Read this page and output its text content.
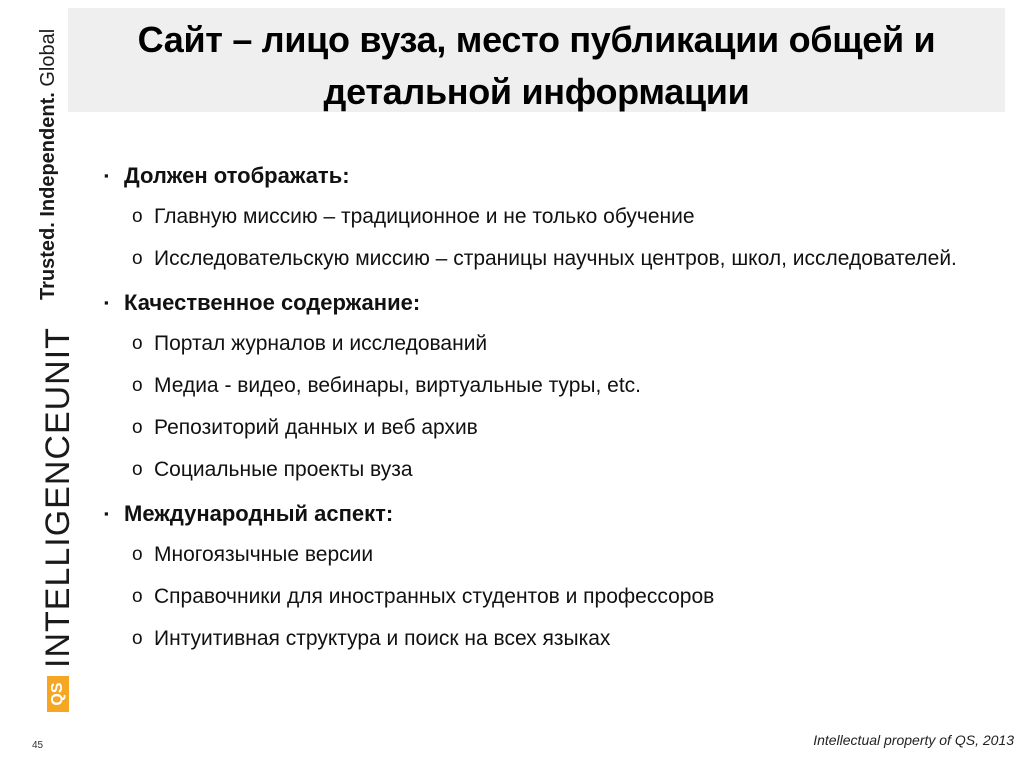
Сайт – лицо вуза, место публикации общей и
детальной информации
Trusted. Independent. Global
QS
INTELLIGENCEUNIT
45
▪ Должен отображать:
o Главную миссию – традиционное и не только обучение
o Исследовательскую миссию – страницы научных центров, школ, исследователей.
▪ Качественное содержание:
o Портал журналов и исследований
o Медиа - видео, вебинары, виртуальные туры, etc.
o Репозиторий данных и веб архив
o Социальные проекты вуза
▪ Международный аспект:
o Многоязычные версии
o Справочники для иностранных студентов и профессоров
o Интуитивная структура и поиск на всех языках
Intellectual property of QS, 2013
